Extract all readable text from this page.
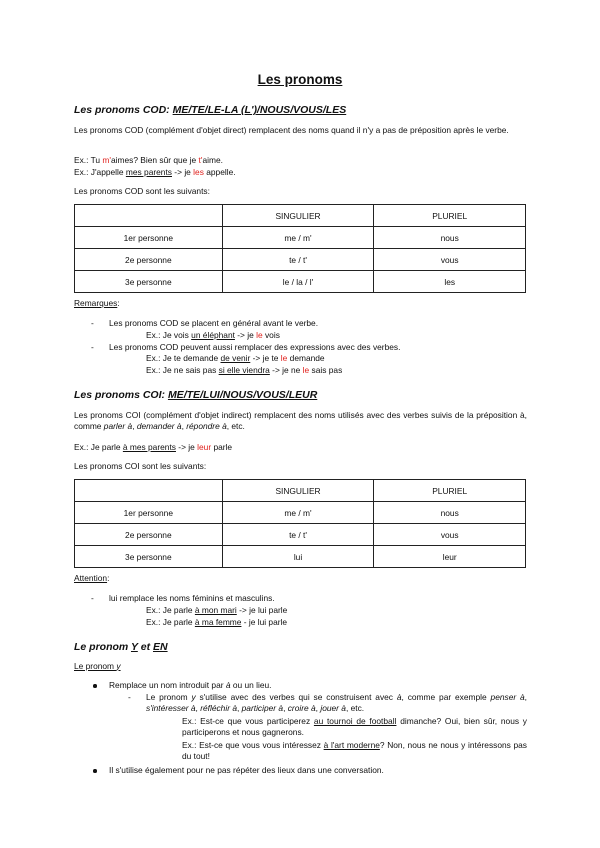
Les pronoms
Les pronoms COD: ME/TE/LE-LA (L')/NOUS/VOUS/LES
Les pronoms COD (complément d'objet direct) remplacent des noms quand il n'y a pas de préposition après le verbe.
Ex.: Tu m'aimes? Bien sûr que je t'aime.
Ex.: J'appelle mes parents -> je les appelle.
Les pronoms COD sont les suivants:
	SINGULIER	PLURIEL
1er personne	me / m'	nous
2e personne	te / t'	vous
3e personne	le / la / l'	les
Remarques:
- Les pronoms COD se placent en général avant le verbe.
Ex.: Je vois un éléphant -> je le vois
- Les pronoms COD peuvent aussi remplacer des expressions avec des verbes.
Ex.: Je te demande de venir -> je te le demande
Ex.: Je ne sais pas si elle viendra -> je ne le sais pas
Les pronoms COI: ME/TE/LUI/NOUS/VOUS/LEUR
Les pronoms COI (complément d'objet indirect) remplacent des noms utilisés avec des verbes suivis de la préposition à, comme parler à, demander à, répondre à, etc.
Ex.: Je parle à mes parents -> je leur parle
Les pronoms COI sont les suivants:
	SINGULIER	PLURIEL
1er personne	me / m'	nous
2e personne	te / t'	vous
3e personne	lui	leur
Attention:
- lui remplace les noms féminins et masculins.
Ex.: Je parle à mon mari -> je lui parle
Ex.: Je parle à ma femme - je lui parle
Le pronom Y et EN
Le pronom y
Remplace un nom introduit par à ou un lieu.
- Le pronom y s'utilise avec des verbes qui se construisent avec à, comme par exemple penser à, s'intéresser à, réfléchir à, participer à, croire à, jouer à, etc.
Ex.: Est-ce que vous participerez au tournoi de football dimanche? Oui, bien sûr, nous y participerons et nous gagnerons.
Ex.: Est-ce que vous vous intéressez à l'art moderne? Non, nous ne nous y intéressons pas du tout!
Il s'utilise également pour ne pas répéter des lieux dans une conversation.
